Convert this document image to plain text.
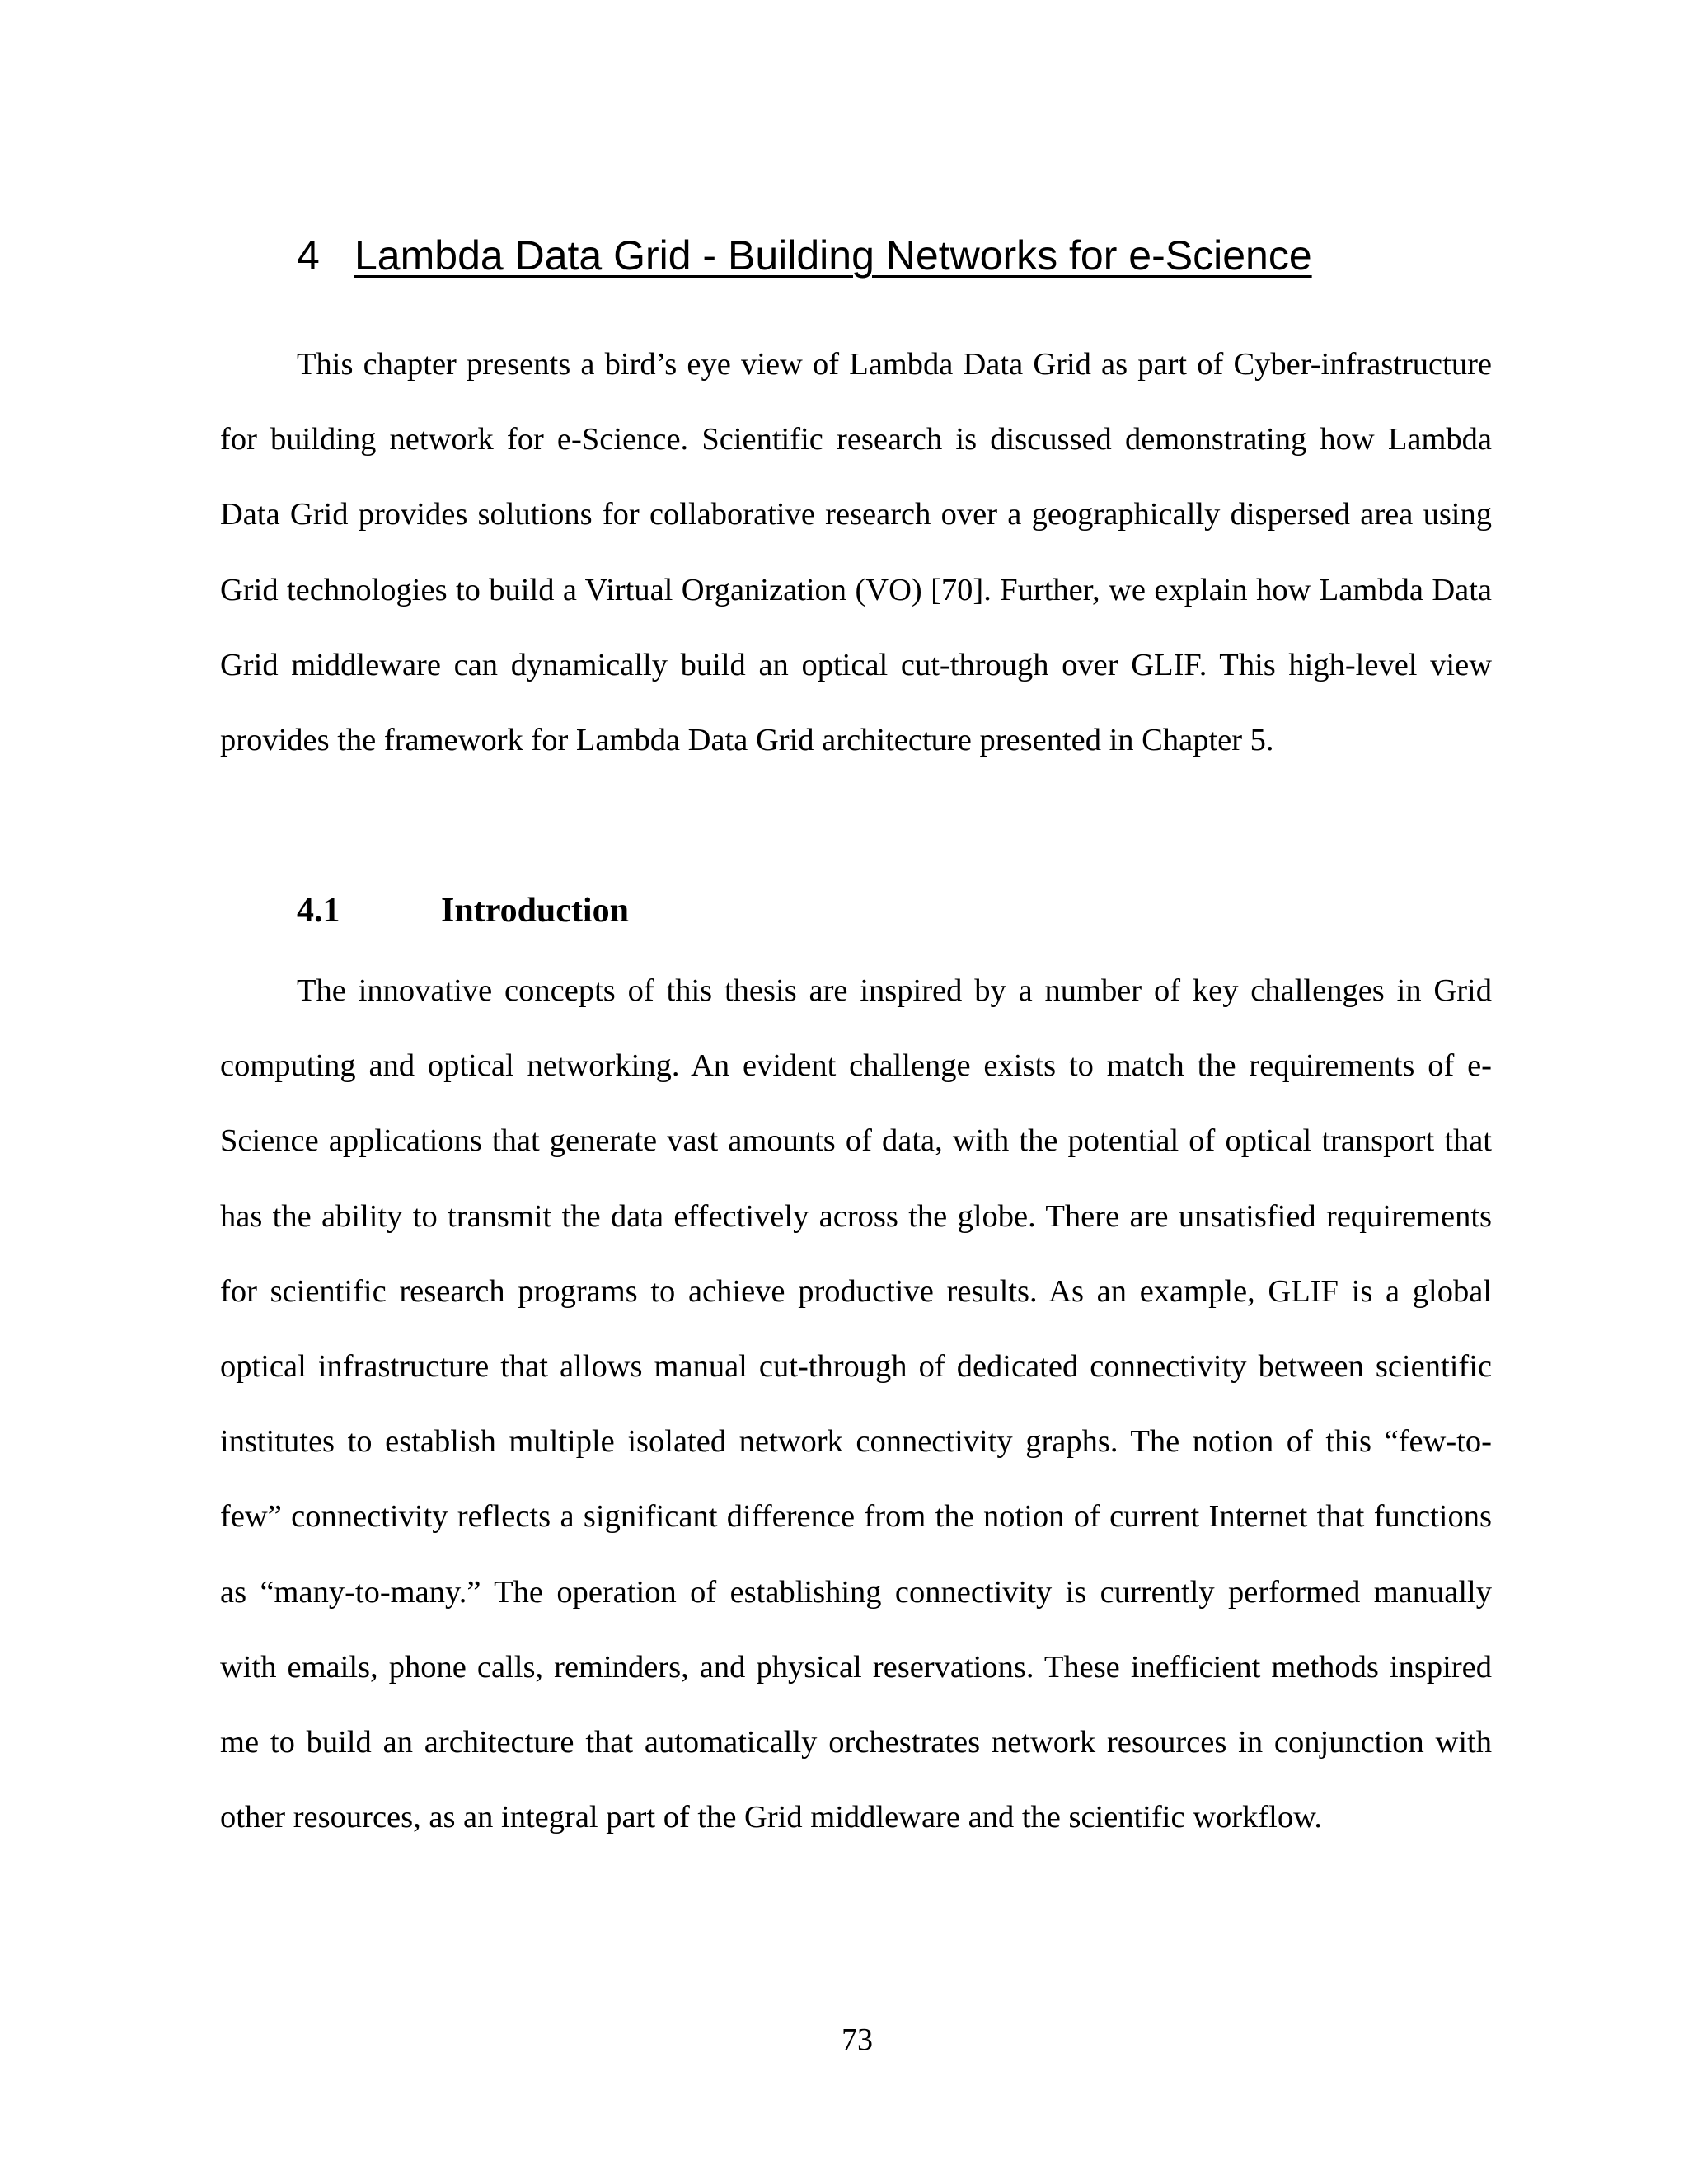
4 Lambda Data Grid - Building Networks for e-Science

This chapter presents a bird’s eye view of Lambda Data Grid as part of Cyber-infrastructure for building network for e-Science. Scientific research is discussed demonstrating how Lambda Data Grid provides solutions for collaborative research over a geographically dispersed area using Grid technologies to build a Virtual Organization (VO) [70]. Further, we explain how Lambda Data Grid middleware can dynamically build an optical cut-through over GLIF. This high-level view provides the framework for Lambda Data Grid architecture presented in Chapter 5.

4.1	Introduction

The innovative concepts of this thesis are inspired by a number of key challenges in Grid computing and optical networking. An evident challenge exists to match the requirements of e-Science applications that generate vast amounts of data, with the potential of optical transport that has the ability to transmit the data effectively across the globe. There are unsatisfied requirements for scientific research programs to achieve productive results. As an example, GLIF is a global optical infrastructure that allows manual cut-through of dedicated connectivity between scientific institutes to establish multiple isolated network connectivity graphs. The notion of this “few-to-few” connectivity reflects a significant difference from the notion of current Internet that functions as “many-to-many.” The operation of establishing connectivity is currently performed manually with emails, phone calls, reminders, and physical reservations. These inefficient methods inspired me to build an architecture that automatically orchestrates network resources in conjunction with other resources, as an integral part of the Grid middleware and the scientific workflow.

73
